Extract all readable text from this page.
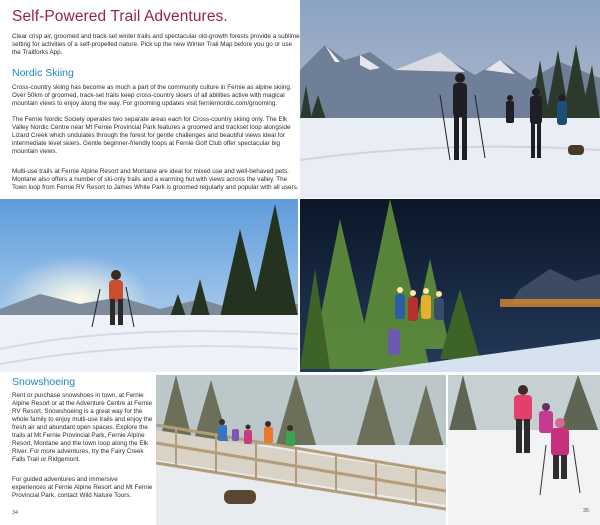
Self-Powered Trail Adventures.

Clear crisp air, groomed and track-set winter trails and spectacular old-growth forests provide a sublime setting for activities of a self-propelled nature. Pick up the new Winter Trail Map before you go or use the Trailforks App.

Nordic Skiing

Cross-country skiing has become as much a part of the community culture in Fernie as alpine skiing. Over 50km of groomed, track-set trails keep cross-country skiers of all abilities active with magical mountain views to enjoy along the way. For grooming updates visit ferniernordic.com/grooming.

The Fernie Nordic Society operates two separate areas each for Cross-country skiing only. The Elk Valley Nordic Centre near Mt Fernie Provincial Park features a groomed and trackset loop alongside Lizard Creek which undulates through the forest for gentle challenges and beautiful views ideal for intermediate level skiers. Gentle beginner-friendly loops at Fernie Golf Club offer spectacular big mountain views.

Multi-use trails at Fernie Alpine Resort and Montane are ideal for mixed use and well-behaved pets. Montane also offers a number of ski-only trails and a warming hut with views across the valley. The Town loop from Fernie RV Resort to James White Park is groomed regularly and popular with all users.

Snowshoeing

Rent or purchase snowshoes in town, at Fernie Alpine Resort or at the Adventure Centre at Fernie RV Resort. Snowshoeing is a great way for the whole family to enjoy multi-use trails and enjoy the fresh air and abundant open spaces. Explore the trails at Mt Fernie Provincial Park, Fernie Alpine Resort, Montane and the town loop along the Elk River. For more adventures, try the Fairy Creek Falls Trail or Ridgemont.

For guided adventures and immersive experiences at Fernie Alpine Resort and Mt Fernie Provincial Park, contact Wild Nature Tours.

34	35
